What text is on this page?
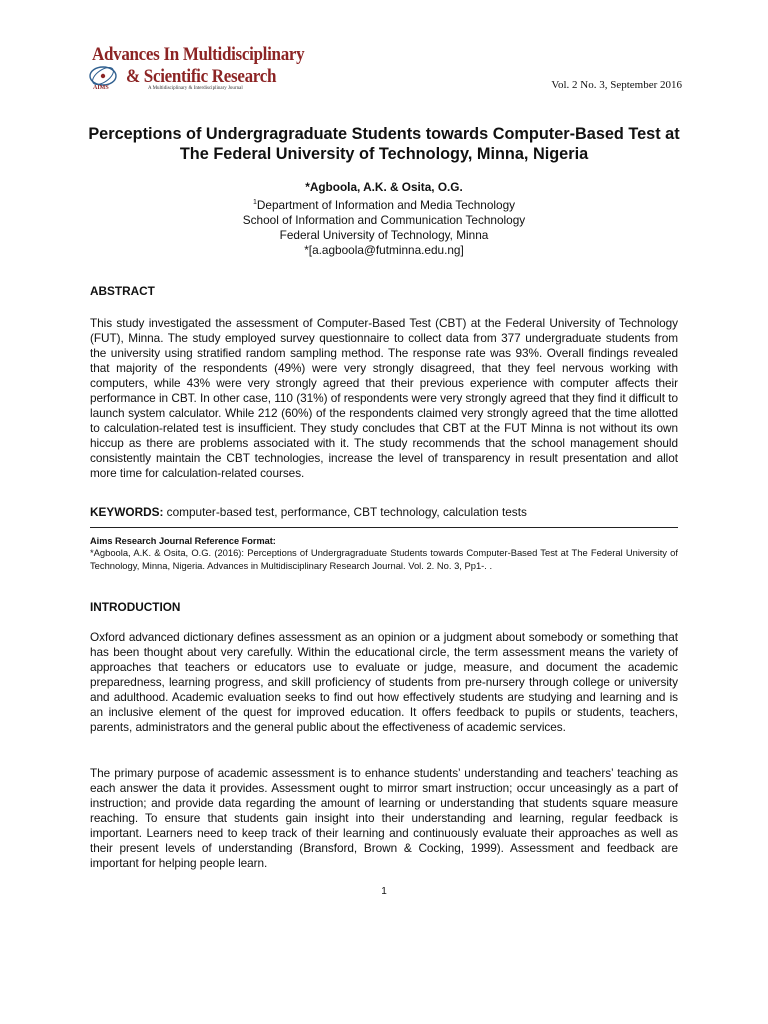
AIMS
Advances In Multidisciplinary
& Scientific Research
A Multidisciplinary & Interdisciplinary Journal	Vol. 2 No. 3, September 2016
Perceptions of Undergragraduate Students towards Computer-Based Test at The Federal University of Technology, Minna, Nigeria
*Agboola, A.K. & Osita, O.G.
$^1$Department of Information and Media Technology
School of Information and Communication Technology
Federal University of Technology, Minna
*[a.agboola@futminna.edu.ng]
ABSTRACT

This study investigated the assessment of Computer-Based Test (CBT) at the Federal University of Technology (FUT), Minna. The study employed survey questionnaire to collect data from 377 undergraduate students from the university using stratified random sampling method. The response rate was 93%. Overall findings revealed that majority of the respondents (49%) were very strongly disagreed, that they feel nervous working with computers, while 43% were very strongly agreed that their previous experience with computer affects their performance in CBT. In other case, 110 (31%) of respondents were very strongly agreed that they find it difficult to launch system calculator. While 212 (60%) of the respondents claimed very strongly agreed that the time allotted to calculation-related test is insufficient. They study concludes that CBT at the FUT Minna is not without its own hiccup as there are problems associated with it. The study recommends that the school management should consistently maintain the CBT technologies, increase the level of transparency in result presentation and allot more time for calculation-related courses.

KEYWORDS: computer-based test, performance, CBT technology, calculation tests
Aims Research Journal Reference Format:

*Agboola, A.K. & Osita, O.G. (2016): Perceptions of Undergragraduate Students towards Computer-Based Test at The Federal University of Technology, Minna, Nigeria. Advances in Multidisciplinary Research Journal. Vol. 2. No. 3, Pp1-. .

INTRODUCTION

Oxford advanced dictionary defines assessment as an opinion or a judgment about somebody or something that has been thought about very carefully. Within the educational circle, the term assessment means the variety of approaches that teachers or educators use to evaluate or judge, measure, and document the academic preparedness, learning progress, and skill proficiency of students from pre-nursery through college or university and adulthood. Academic evaluation seeks to find out how effectively students are studying and learning and is an inclusive element of the quest for improved education. It offers feedback to pupils or students, teachers, parents, administrators and the general public about the effectiveness of academic services.

The primary purpose of academic assessment is to enhance students’ understanding and teachers’ teaching as each answer the data it provides. Assessment ought to mirror smart instruction; occur unceasingly as a part of instruction; and provide data regarding the amount of learning or understanding that students square measure reaching. To ensure that students gain insight into their understanding and learning, regular feedback is important. Learners need to keep track of their learning and continuously evaluate their approaches as well as their present levels of understanding (Bransford, Brown & Cocking, 1999). Assessment and feedback are important for helping people learn.

1
